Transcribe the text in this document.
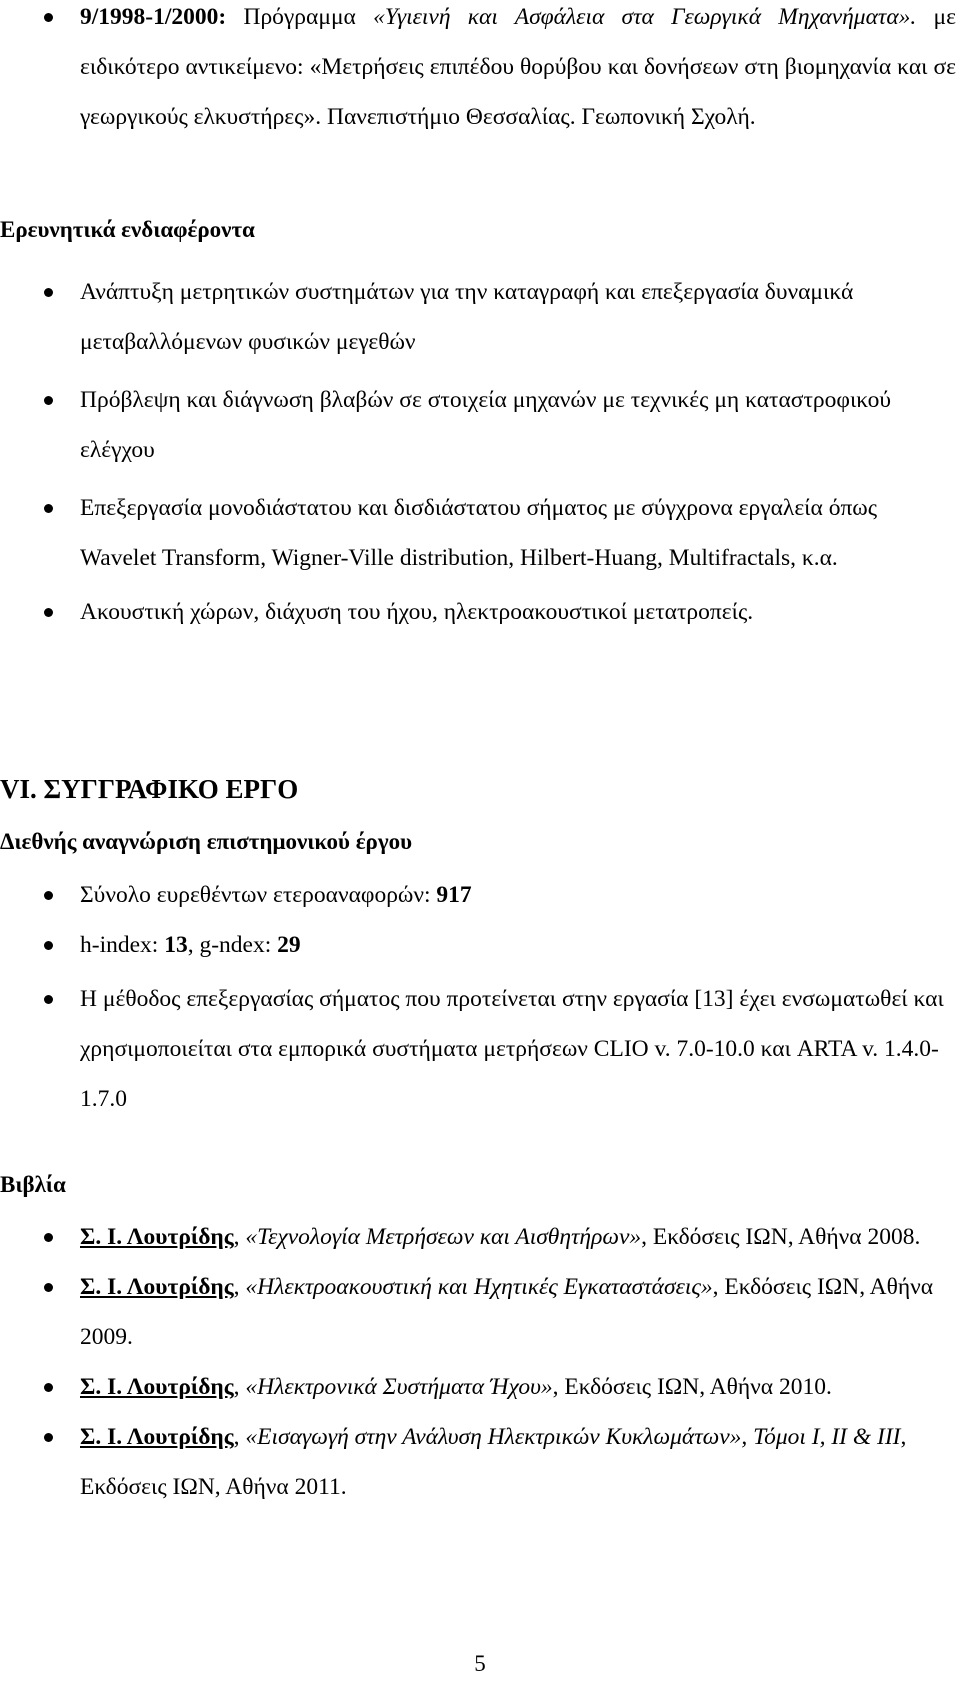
9/1998-1/2000: Πρόγραμμα «Υγιεινή και Ασφάλεια στα Γεωργικά Μηχανήματα». με ειδικότερο αντικείμενο: «Μετρήσεις επιπέδου θορύβου και δονήσεων στη βιομηχανία και σε γεωργικούς ελκυστήρες». Πανεπιστήμιο Θεσσαλίας. Γεωπονική Σχολή.
Ερευνητικά ενδιαφέροντα
Ανάπτυξη μετρητικών συστημάτων για την καταγραφή και επεξεργασία δυναμικά μεταβαλλόμενων φυσικών μεγεθών
Πρόβλεψη και διάγνωση βλαβών σε στοιχεία μηχανών με τεχνικές μη καταστροφικού ελέγχου
Επεξεργασία μονοδιάστατου και δισδιάστατου σήματος με σύγχρονα εργαλεία όπως Wavelet Transform, Wigner-Ville distribution, Hilbert-Huang, Multifractals, κ.α.
Ακουστική χώρων, διάχυση του ήχου, ηλεκτροακουστικοί μετατροπείς.
VI. ΣΥΓΓΡΑΦΙΚΟ ΕΡΓΟ
Διεθνής αναγνώριση επιστημονικού έργου
Σύνολο ευρεθέντων ετεροαναφορών: 917
h-index: 13, g-ndex: 29
Η μέθοδος επεξεργασίας σήματος που προτείνεται στην εργασία [13] έχει ενσωματωθεί και χρησιμοποιείται στα εμπορικά συστήματα μετρήσεων CLIO v. 7.0-10.0 και ARTA v. 1.4.0-1.7.0
Βιβλία
Σ. Ι. Λουτρίδης, «Τεχνολογία Μετρήσεων και Αισθητήρων», Εκδόσεις ΙΩΝ, Αθήνα 2008.
Σ. Ι. Λουτρίδης, «Ηλεκτροακουστική και Ηχητικές Εγκαταστάσεις», Εκδόσεις ΙΩΝ, Αθήνα 2009.
Σ. Ι. Λουτρίδης, «Ηλεκτρονικά Συστήματα Ήχου», Εκδόσεις ΙΩΝ, Αθήνα 2010.
Σ. Ι. Λουτρίδης, «Εισαγωγή στην Ανάλυση Ηλεκτρικών Κυκλωμάτων», Τόμοι I, II & III, Εκδόσεις ΙΩΝ, Αθήνα 2011.
5
